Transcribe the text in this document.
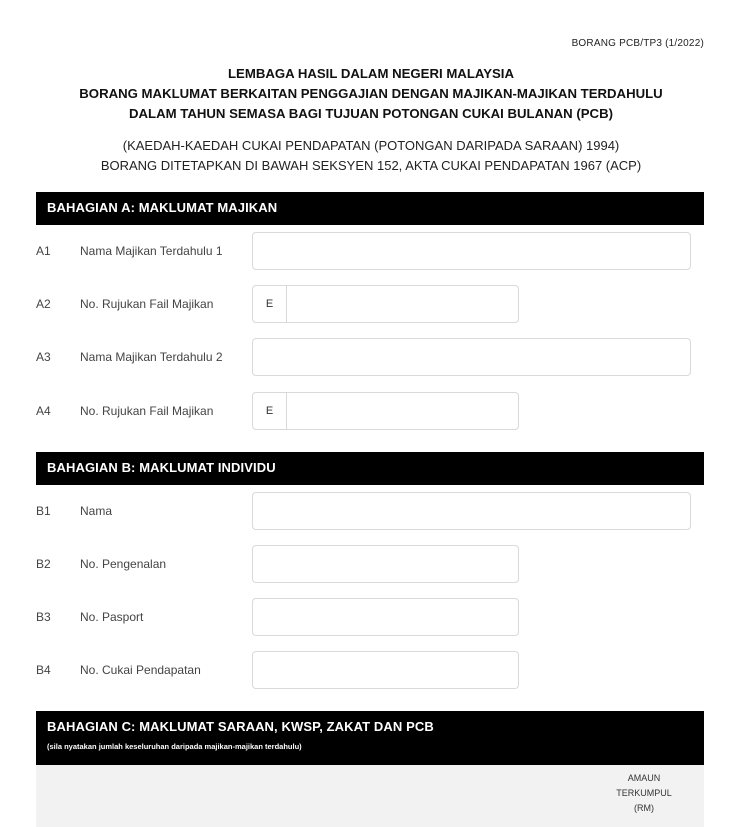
BORANG PCB/TP3 (1/2022)

LEMBAGA HASIL DALAM NEGERI MALAYSIA

BORANG MAKLUMAT BERKAITAN PENGGAJIAN DENGAN MAJIKAN-MAJIKAN TERDAHULU

DALAM TAHUN SEMASA BAGI TUJUAN POTONGAN CUKAI BULANAN (PCB)

(KAEDAH-KAEDAH CUKAI PENDAPATAN (POTONGAN DARIPADA SARAAN) 1994)

BORANG DITETAPKAN DI BAWAH SEKSYEN 152, AKTA CUKAI PENDAPATAN 1967 (ACP)

BAHAGIAN A: MAKLUMAT MAJIKAN
A1 Nama Majikan Terdahulu 1
A2 No. Rujukan Fail Majikan	E
A3 Nama Majikan Terdahulu 2
A4 No. Rujukan Fail Majikan	E
BAHAGIAN B: MAKLUMAT INDIVIDU
B1 Nama
B2 No. Pengenalan
B3 No. Pasport
B4 No. Cukai Pendapatan
BAHAGIAN C: MAKLUMAT SARAAN, KWSP, ZAKAT DAN PCB
(sila nyatakan jumlah keseluruhan daripada majikan-majikan terdahulu)
AMAUN
TERKUMPUL
(RM)
